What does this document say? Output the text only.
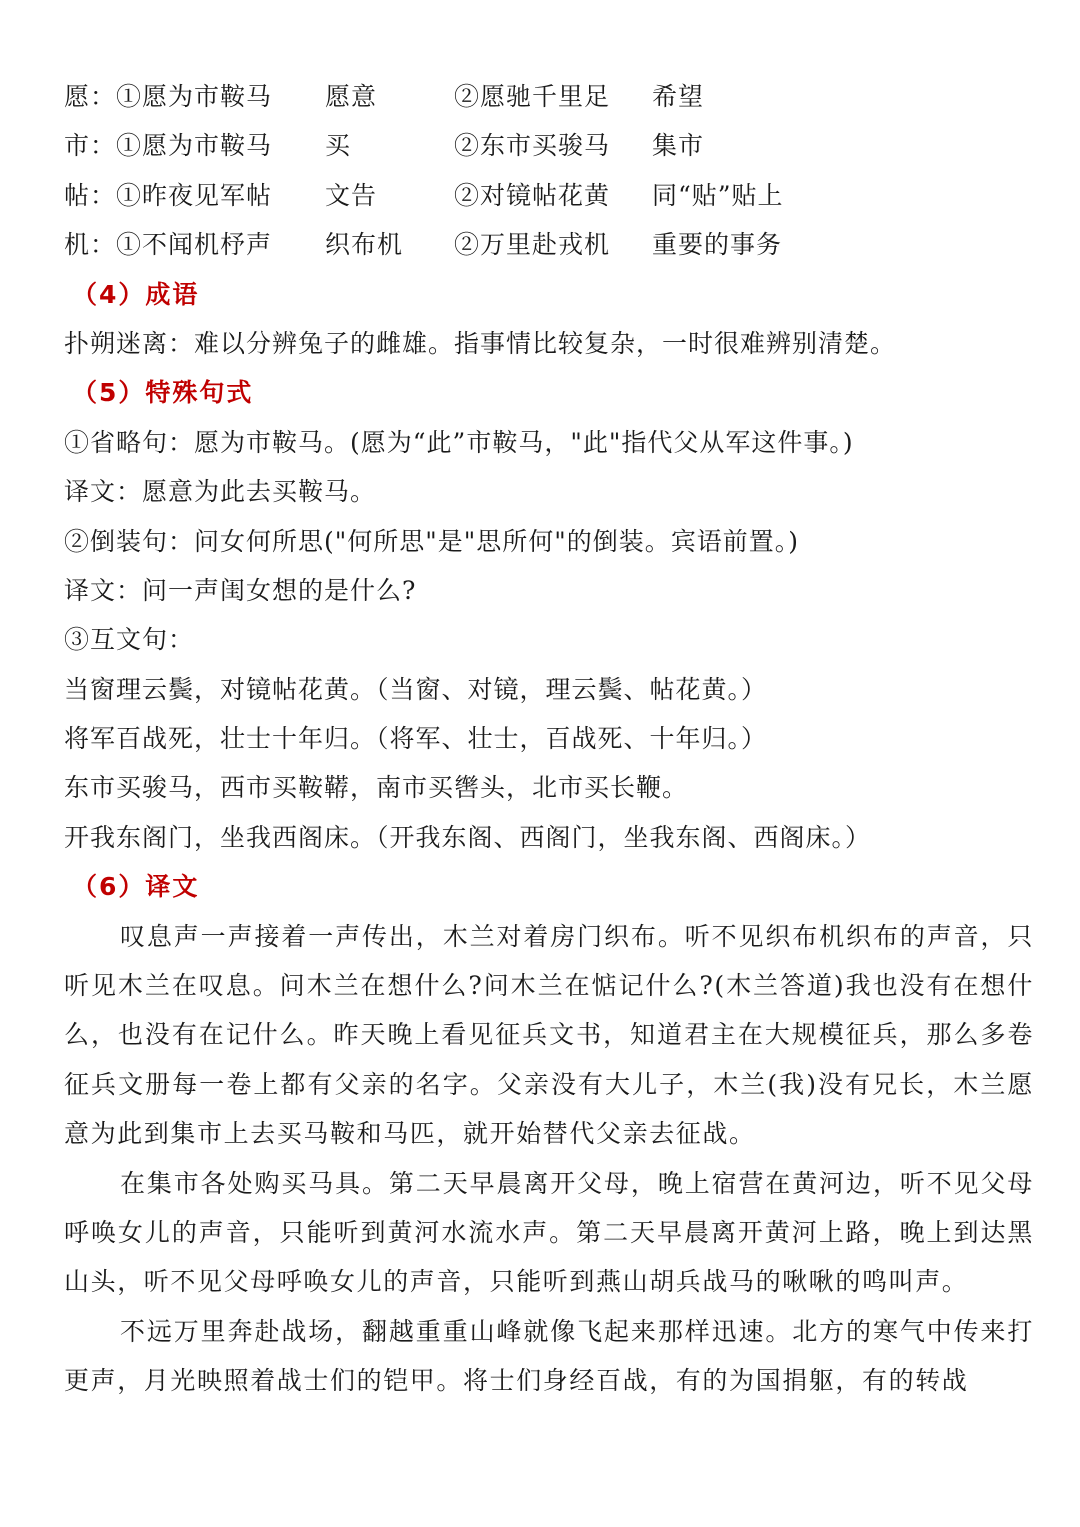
愿：①愿为市鞍马	愿意	②愿驰千里足	希望
市：①愿为市鞍马	买	②东市买骏马	集市
帖：①昨夜见军帖	文告	②对镜帖花黄	同“贴”贴上
机：①不闻机杼声	织布机	②万里赴戎机	重要的事务
（4）成语
扑朔迷离：难以分辨兔子的雌雄。指事情比较复杂，一时很难辨别清楚。
（5）特殊句式
①省略句：愿为市鞍马。(愿为“此”市鞍马，"此"指代父从军这件事。)
译文：愿意为此去买鞍马。
②倒装句：问女何所思("何所思"是"思所何"的倒装。宾语前置。)
译文：问一声闺女想的是什么?
③互文句：
当窗理云鬓，对镜帖花黄。（当窗、对镜，理云鬓、帖花黄。）
将军百战死，壮士十年归。（将军、壮士，百战死、十年归。）
东市买骏马，西市买鞍鞯，南市买辔头，北市买长鞭。
开我东阁门，坐我西阁床。（开我东阁、西阁门，坐我东阁、西阁床。）
（6）译文

叹息声一声接着一声传出，木兰对着房门织布。听不见织布机织布的声音，只听见木兰在叹息。问木兰在想什么?问木兰在惦记什么?(木兰答道)我也没有在想什么，也没有在记什么。昨天晚上看见征兵文书，知道君主在大规模征兵，那么多卷征兵文册每一卷上都有父亲的名字。父亲没有大儿子，木兰(我)没有兄长，木兰愿意为此到集市上去买马鞍和马匹，就开始替代父亲去征战。

在集市各处购买马具。第二天早晨离开父母，晚上宿营在黄河边，听不见父母呼唤女儿的声音，只能听到黄河水流水声。第二天早晨离开黄河上路，晚上到达黑山头，听不见父母呼唤女儿的声音，只能听到燕山胡兵战马的啾啾的鸣叫声。

不远万里奔赴战场，翻越重重山峰就像飞起来那样迅速。北方的寒气中传来打更声，月光映照着战士们的铠甲。将士们身经百战，有的为国捐躯，有的转战
